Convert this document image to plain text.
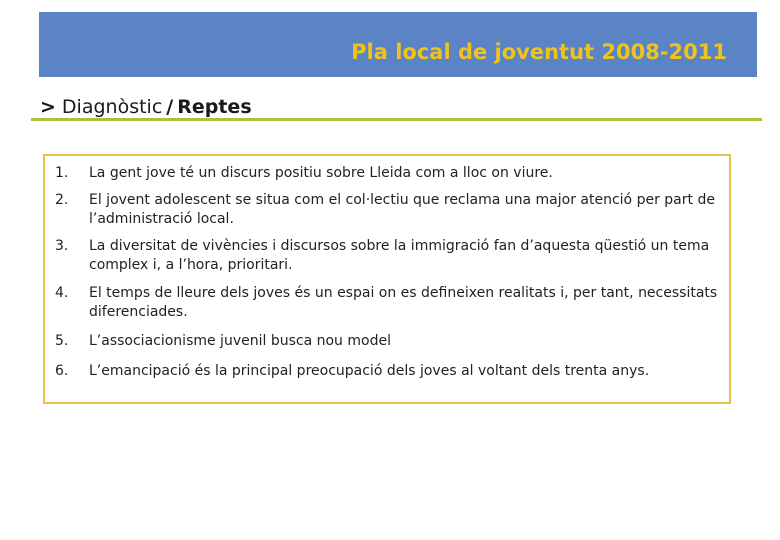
Pla local de joventut 2008-2011
> Diagnòstic / Reptes
1. La gent jove té un discurs positiu sobre Lleida com a lloc on viure.
2. El jovent adolescent se situa com el col·lectiu que reclama una major atenció per part de l’administració local.
3. La diversitat de vivències i discursos sobre la immigració fan d’aquesta qüestió un tema complex i, a l’hora, prioritari.
4. El temps de lleure dels joves és un espai on es defineixen realitats i, per tant, necessitats diferenciades.
5. L’associacionisme juvenil busca nou model
6. L’emancipació és la principal preocupació dels joves al voltant dels trenta anys.
